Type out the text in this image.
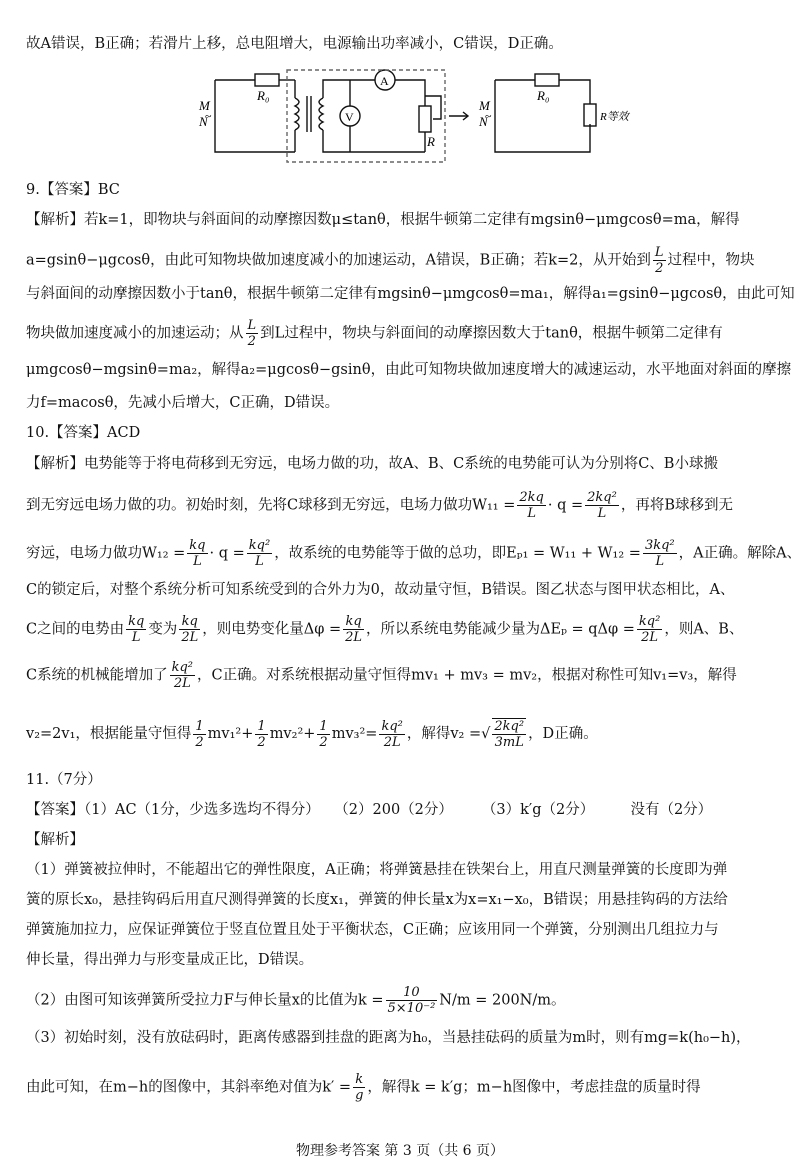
故A错误，B正确；若滑片上移，总电阻增大，电源输出功率减小，C错误，D正确。
M
N
~
R₀
A
V
R
M
N
~
R₀
R等效
9.【答案】BC
【解析】若k=1，即物块与斜面间的动摩擦因数μ≤tanθ，根据牛顿第二定律有mgsinθ−μmgcosθ=ma，解得
a=gsinθ−μgcosθ，由此可知物块做加速度减小的加速运动，A错误，B正确；若k=2，从开始到 $\frac{L}{2}$ 过程中，物块
与斜面间的动摩擦因数小于tanθ，根据牛顿第二定律有mgsinθ−μmgcosθ=ma₁，解得a₁=gsinθ−μgcosθ，由此可知
物块做加速度减小的加速运动；从 $\frac{L}{2}$ 到L过程中，物块与斜面间的动摩擦因数大于tanθ，根据牛顿第二定律有
μmgcosθ−mgsinθ=ma₂，解得a₂=μgcosθ−gsinθ，由此可知物块做加速度增大的减速运动，水平地面对斜面的摩擦
力f=macosθ，先减小后增大，C正确，D错误。
10.【答案】ACD
【解析】电势能等于将电荷移到无穷远，电场力做的功，故A、B、C系统的电势能可认为分别将C、B小球搬
到无穷远电场力做的功。初始时刻，先将C球移到无穷远，电场力做功$W_{11} = \frac{2kq}{L} \cdot q = \frac{\text{2kq²}}{L}$ ，再将B球移到无
穷远，电场力做功$W_{12} = \frac{kq}{L} \cdot q = \frac{\text{kq²}}{L}$ ，故系统的电势能等于做的总功，即$E_{p1} = W_{11} + W_{12} = \frac{\text{3kq²}}{L}$ ，A正确。解除A、
C的锁定后，对整个系统分析可知系统受到的合外力为0，故动量守恒，B错误。图乙状态与图甲状态相比，A、
C之间的电势由 $\frac{kq}{L}$ 变为 $\frac{kq}{2L}$ ，则电势变化量$\Delta\varphi = \frac{kq}{2L}$ ，所以系统电势能减少量为$\Delta E_p = q\Delta\varphi = \frac{\text{kq²}}{2L}$ ，则A、B、
C系统的机械能增加了 $\frac{\text{kq²}}{2L}$ ，C正确。对系统根据动量守恒得mv₁ + mv₃ = mv₂，根据对称性可知v₁=v₃，解得
v₂=2v₁，根据能量守恒得 $\frac{1}{2} mv_1^2+ \frac{1}{2} mv_2^2+ \frac{1}{2} mv_3^2= \frac{\text{kq²}}{2L}$ ，解得v₂ =√ $\frac{\text{2kq²}}{3mL}$ ，D正确。
11.（7分）
【答案】（1）AC（1分，少选多选均不得分）　　（2）200（2分）　　　（3）k′g（2分）　　　没有（2分）
【解析】
（1）弹簧被拉伸时，不能超出它的弹性限度，A正确；将弹簧悬挂在铁架台上，用直尺测量弹簧的长度即为弹
簧的原长x₀，悬挂钩码后用直尺测得弹簧的长度x₁，弹簧的伸长量x为x=x₁−x₀，B错误；用悬挂钩码的方法给
弹簧施加拉力，应保证弹簧位于竖直位置且处于平衡状态，C正确；应该用同一个弹簧，分别测出几组拉力与
伸长量，得出弹力与形变量成正比，D错误。
（2）由图可知该弹簧所受拉力F与伸长量x的比值为$k = \frac{10}{\text{5×10⁻²}} N/m = 200N/m$。
（3）初始时刻，没有放砝码时，距离传感器到挂盘的距离为h₀，当悬挂砝码的质量为m时，则有mg=k(h₀−h)，
由此可知，在m−h的图像中，其斜率绝对值为$k' = \frac{k}{g}$ ，解得k = k′g；m−h图像中，考虑挂盘的质量时得
物理参考答案 第 3 页（共 6 页）
